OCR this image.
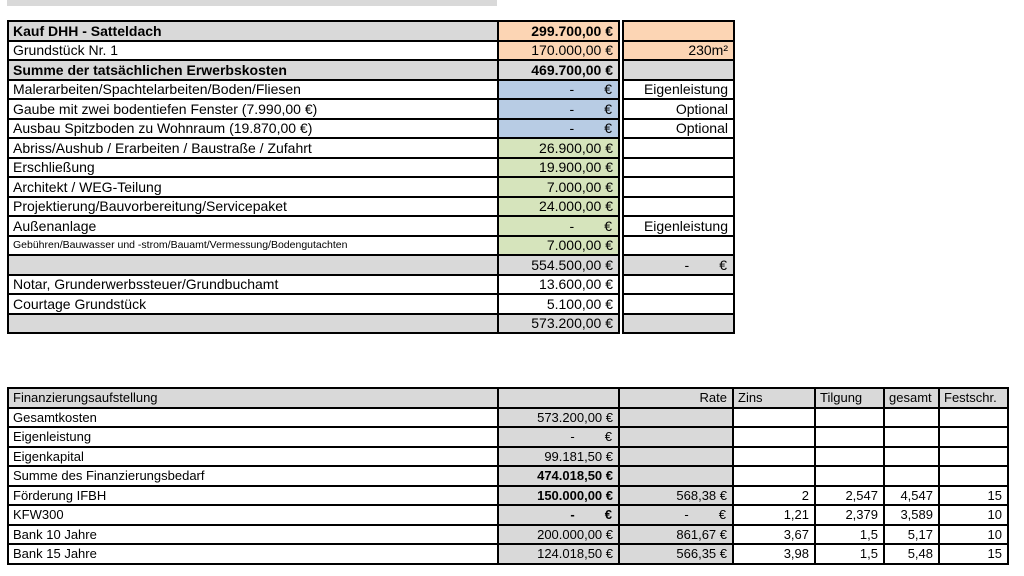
Kauf DHH - Satteldach	299.700,00 €		
Grundstück Nr. 1	170.000,00 €		230m²
Summe der tatsächlichen Erwerbskosten	469.700,00 €		
Malerarbeiten/Spachtelarbeiten/Boden/Fliesen	- €		Eigenleistung
Gaube mit zwei bodentiefen Fenster (7.990,00 €)	- €		Optional
Ausbau Spitzboden zu Wohnraum (19.870,00 €)	- €		Optional
Abriss/Aushub / Erarbeiten / Baustraße / Zufahrt	26.900,00 €		
Erschließung	19.900,00 €		
Architekt / WEG-Teilung	7.000,00 €		
Projektierung/Bauvorbereitung/Servicepaket	24.000,00 €		
Außenanlage	- €		Eigenleistung
Gebühren/Bauwasser und -strom/Bauamt/Vermessung/Bodengutachten	7.000,00 €		
	554.500,00 €		- €

Notar, Grunderwerbssteuer/Grundbuchamt	13.600,00 €		
Courtage Grundstück	5.100,00 €		
	573.200,00 €		
Finanzierungsaufstellung		Rate	Zins	Tilgung	gesamt	Festschr.
Gesamtkosten	573.200,00 €					
Eigenleistung	- €					

Eigenkapital	99.181,50 €					
Summe des Finanzierungsbedarf	474.018,50 €					
Förderung IFBH	150.000,00 €	568,38 €	2	2,547	4,547	15
KFW300	- €	- €	1,21	2,379	3,589	10
Bank 10 Jahre	200.000,00 €	861,67 €	3,67	1,5	5,17	10
Bank 15 Jahre	124.018,50 €	566,35 €	3,98	1,5	5,48	15
